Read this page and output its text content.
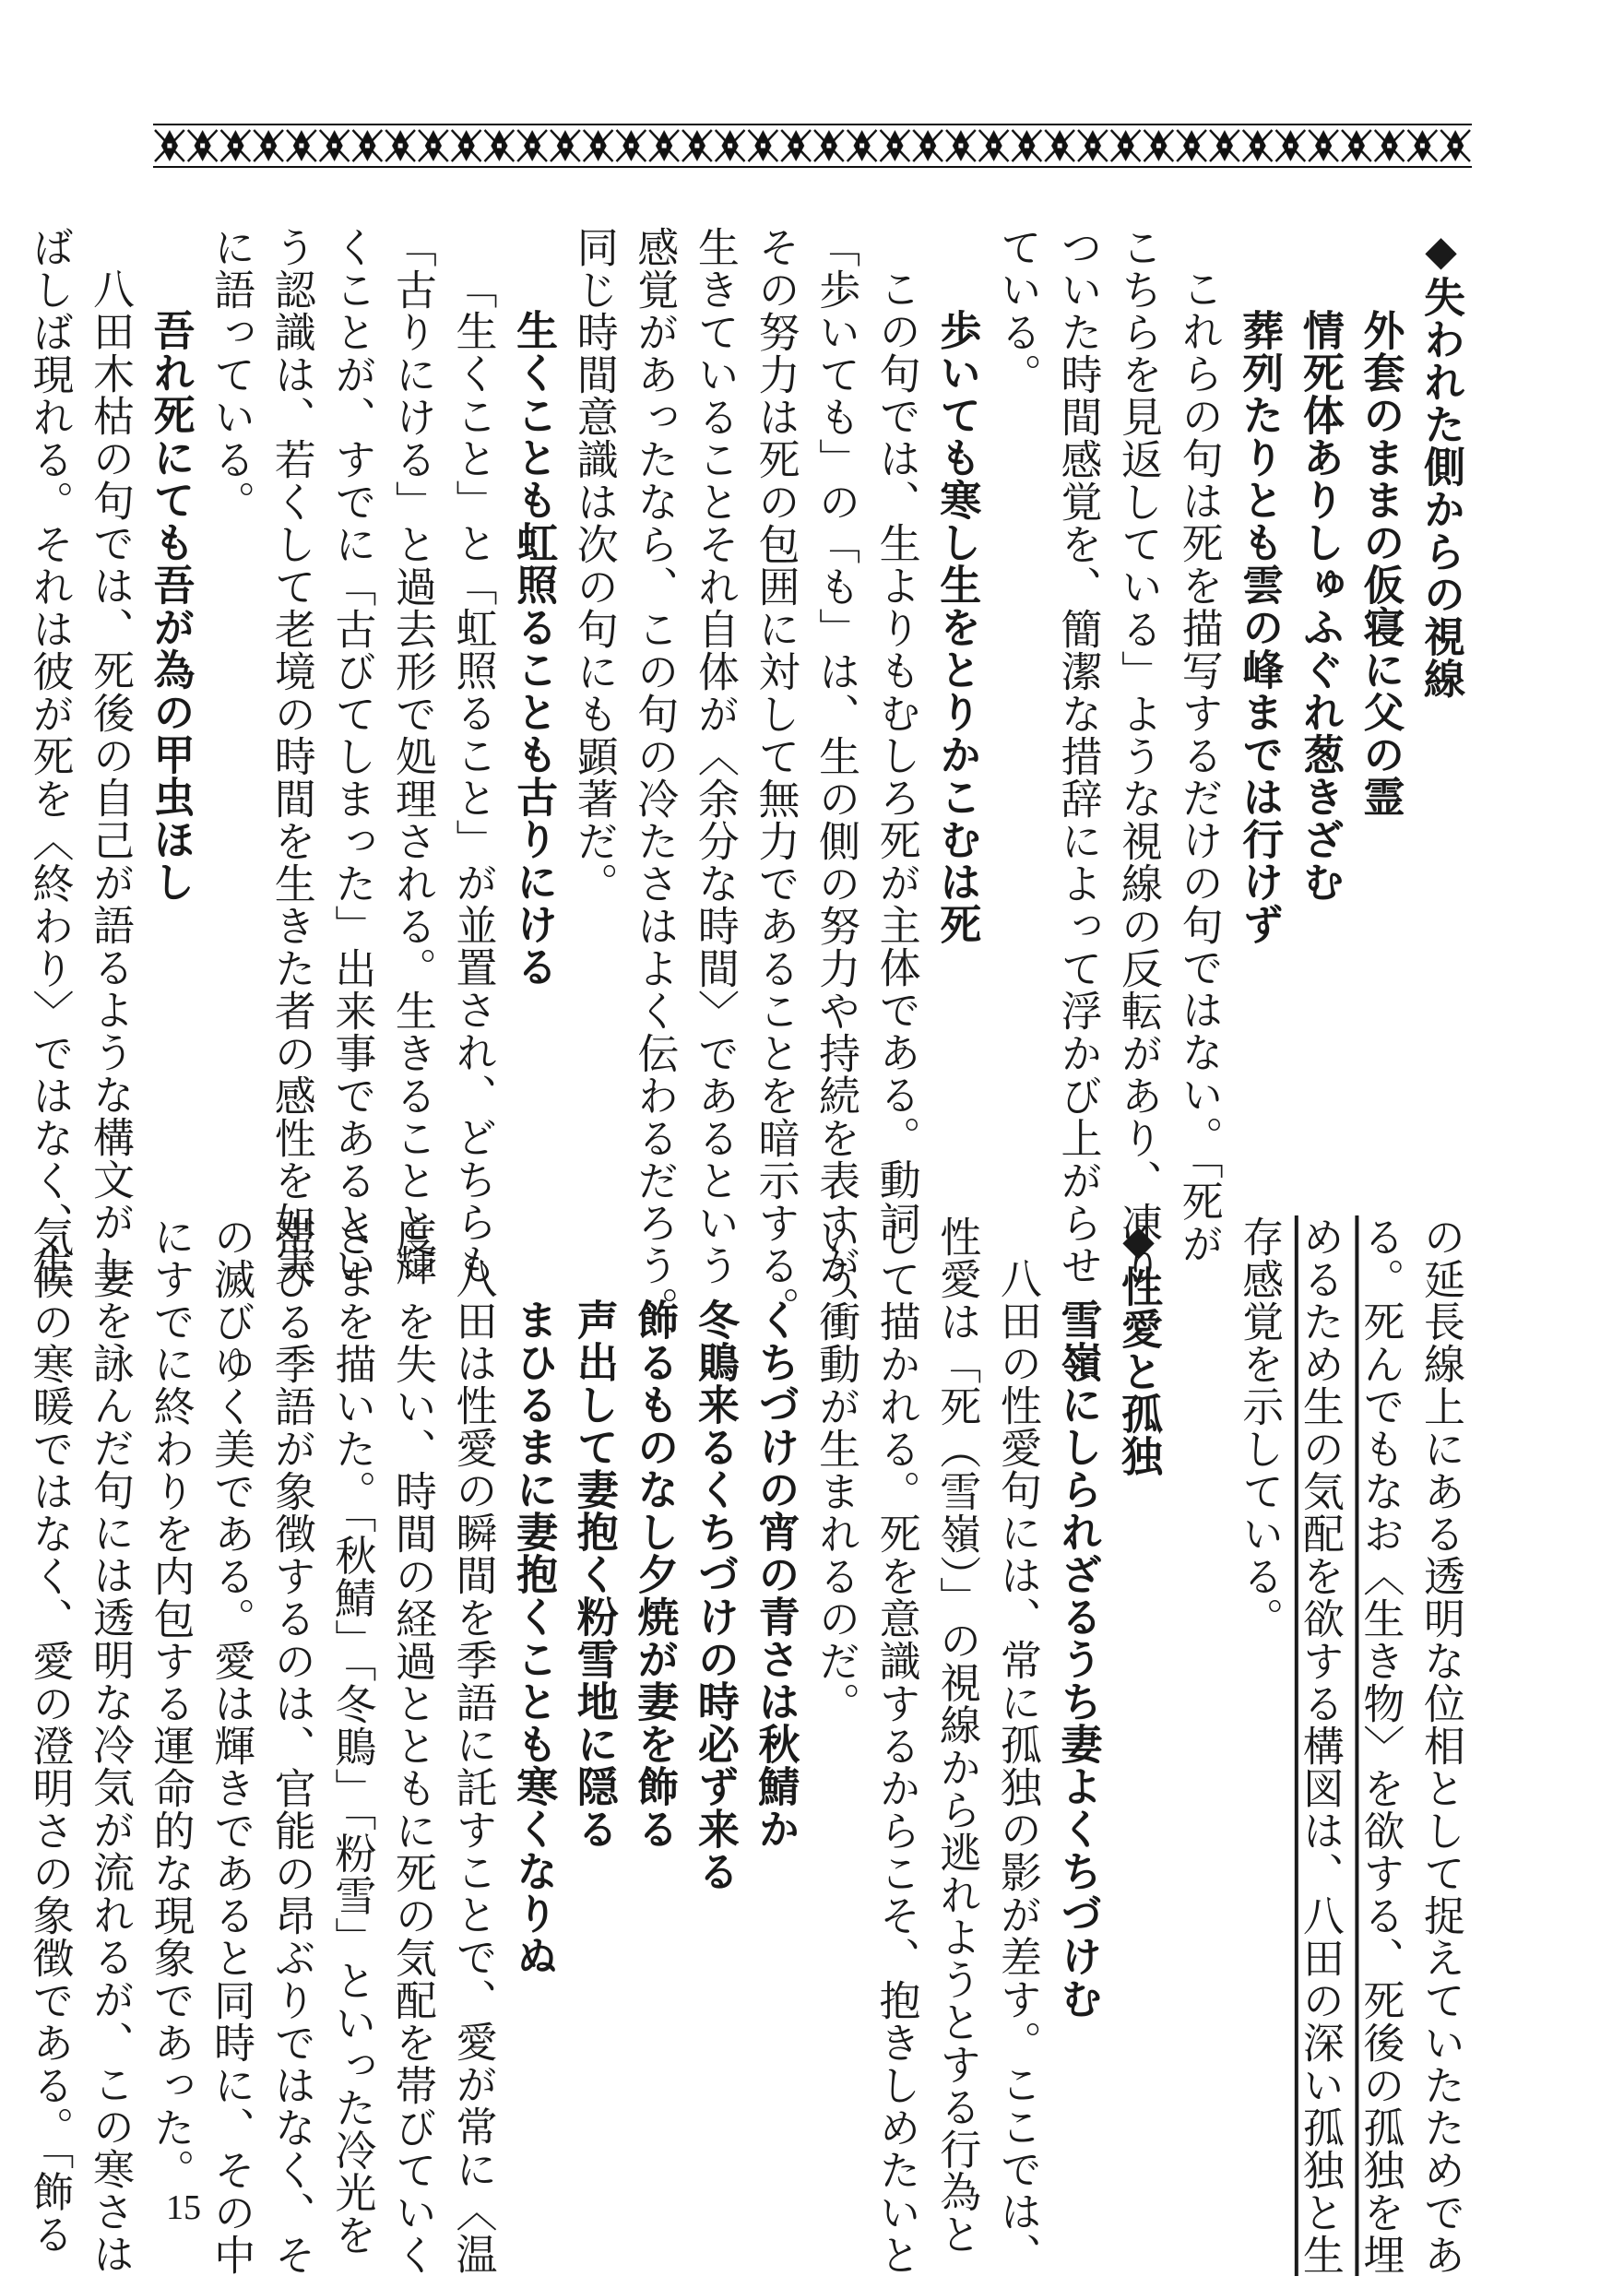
◆失われた側からの視線
外套のままの仮寝に父の霊
情死体ありしゅふぐれ葱きざむ
葬列たりとも雲の峰までは行けず
これらの句は死を描写するだけの句ではない。「死が
こちらを見返している」ような視線の反転があり、凍り
ついた時間感覚を、簡潔な措辞によって浮かび上がらせ
ている。
歩いても寒し生をとりかこむは死
この句では、生よりもむしろ死が主体である。動詞
「歩いても」の「も」は、生の側の努力や持続を表すが、
その努力は死の包囲に対して無力であることを暗示する。
生きていることそれ自体が〈余分な時間〉であるという
感覚があったなら、この句の冷たさはよく伝わるだろう。
同じ時間意識は次の句にも顕著だ。
生くことも虹照ることも古りにける
「生くこと」と「虹照ること」が並置され、どちらも
「古りにける」と過去形で処理される。生きることと輝
くことが、すでに「古びてしまった」出来事であるとい
う認識は、若くして老境の時間を生きた者の感性を如実
に語っている。
吾れ死にても吾が為の甲虫ほし
八田木枯の句では、死後の自己が語るような構文がし
ばしば現れる。それは彼が死を〈終わり〉ではなく、生
の延長線上にある透明な位相として捉えていたためであ
る。死んでもなお〈生き物〉を欲する、死後の孤独を埋
めるため生の気配を欲する構図は、八田の深い孤独と生
存感覚を示している。

◆性愛と孤独
雪嶺にしられざるうち妻よくちづけむ
八田の性愛句には、常に孤独の影が差す。ここでは、
性愛は「死（雪嶺）」の視線から逃れようとする行為と
して描かれる。死を意識するからこそ、抱きしめたいと
いう衝動が生まれるのだ。
くちづけの宵の青さは秋鯖か
冬鵙来るくちづけの時必ず来る
飾るものなし夕焼が妻を飾る
声出して妻抱く粉雪地に隠る
まひるまに妻抱くことも寒くなりぬ
八田は性愛の瞬間を季語に託すことで、愛が常に〈温
度〉を失い、時間の経過とともに死の気配を帯びていく
さまを描いた。「秋鯖」「冬鵙」「粉雪」といった冷光を
帯びる季語が象徴するのは、官能の昂ぶりではなく、そ
の滅びゆく美である。愛は輝きであると同時に、その中
にすでに終わりを内包する運命的な現象であった。
妻を詠んだ句には透明な冷気が流れるが、この寒さは
気候の寒暖ではなく、愛の澄明さの象徴である。「飾る	15
